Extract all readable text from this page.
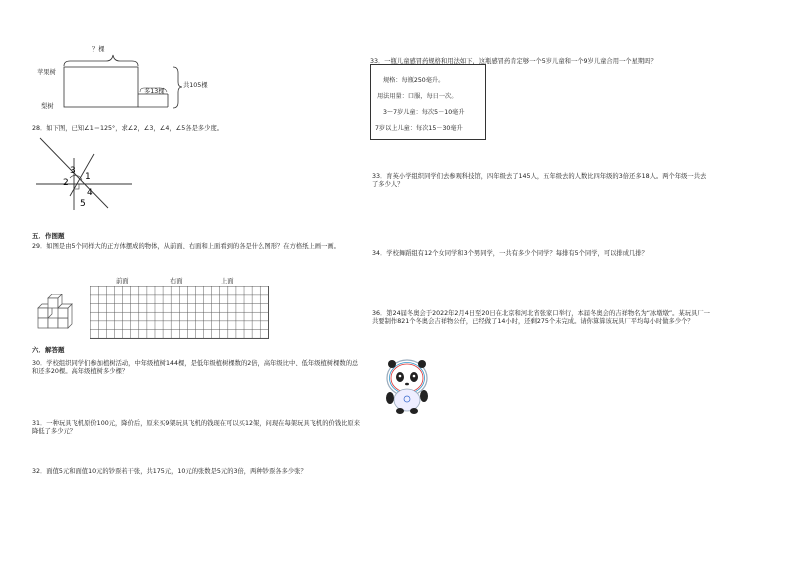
？棵
苹果树
梨树
多13棵
共105棵
28．如下图，已知∠1＝125°，求∠2，∠3，∠4，∠5各是多少度。
3
1
2
4
5
五．作图题
29．如图是由5个同样大的正方体摆成的物体，从前面、右面和上面看到的各是什么图形？在方格纸上画一画。
前面	右面	上面
六．解答题
30．学校组织同学们参加植树活动，中年级植树144棵，是低年级植树棵数的2倍，高年级比中、低年级植树棵数的总和还多20棵。高年级植树多少棵？
31．一种玩具飞机原价100元，降价后，原来买9架玩具飞机的钱现在可以买12架，问现在每架玩具飞机的价钱比原来降低了多少元？
32．面值5元和面值10元的钞票若干张，共175元，10元的张数是5元的3倍，两种钞票各多少张？
33．一瓶儿童感冒药规格和用法如下，这瓶感冒药肯定够一个5岁儿童和一个9岁儿童合用一个星期吗？
规格：每瓶250毫升。
用法用量：口服，每日一次。
3～7岁儿童：每次5－10毫升
7岁以上儿童：每次15－30毫升
33．育英小学组织同学们去参观科技馆，四年级去了145人，五年级去的人数比四年级的3倍还多18人。两个年级一共去了多少人？
34．学校舞蹈组有12个女同学和3个男同学，一共有多少个同学？每排有5个同学，可以排成几排？
36．第24届冬奥会于2022年2月4日至20日在北京和河北省张家口举行，本届冬奥会的吉祥物名为“冰墩墩”。某玩具厂一共要制作821个冬奥会吉祥物公仔，已经做了14小时，还剩275个未完成。请你算算该玩具厂平均每小时做多少个？
